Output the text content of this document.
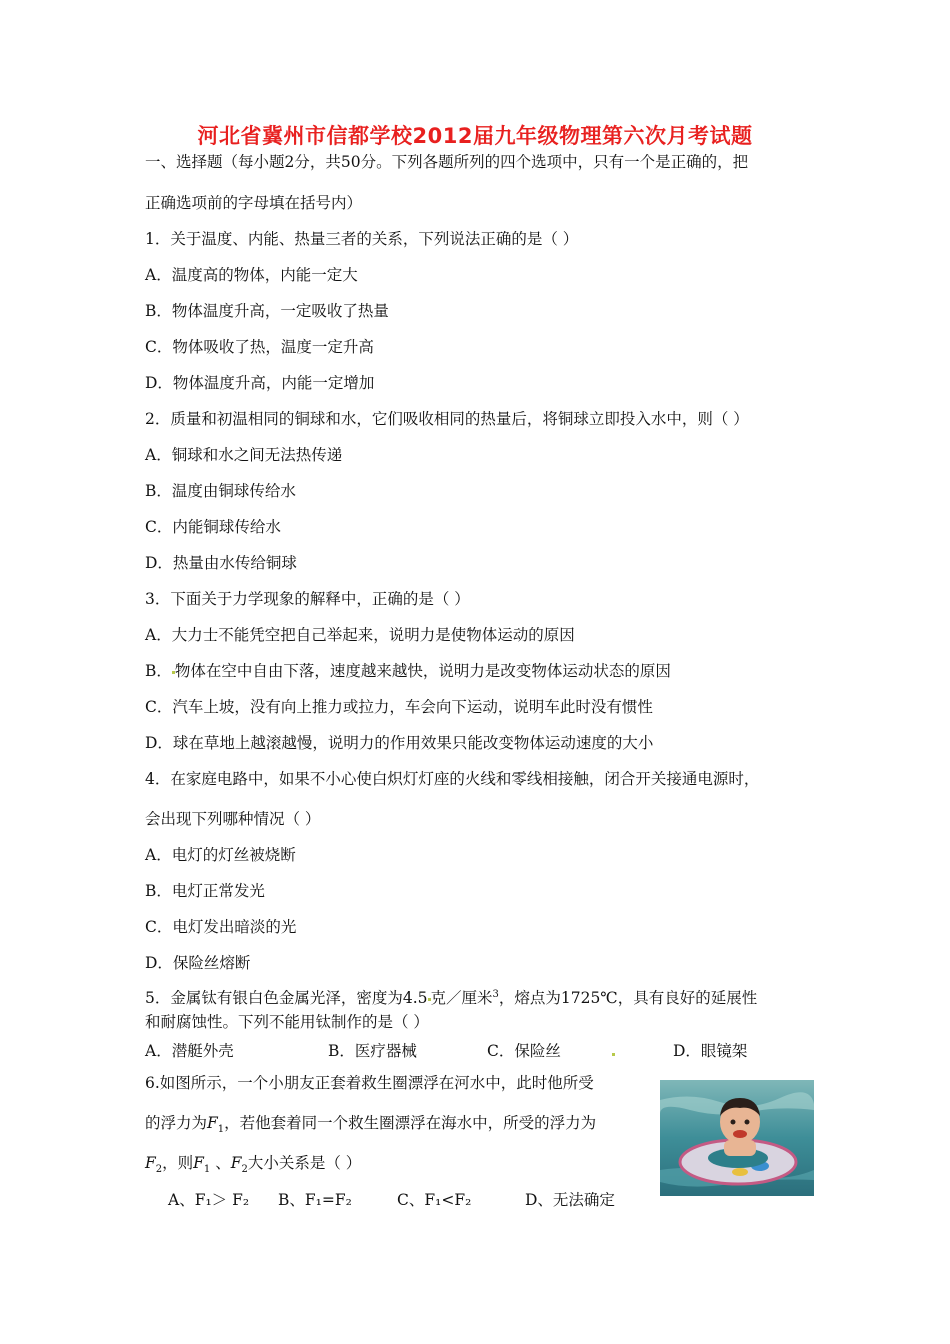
河北省冀州市信都学校2012届九年级物理第六次月考试题
一、选择题（每小题2分，共50分。下列各题所列的四个选项中，只有一个是正确的，把
正确选项前的字母填在括号内）
1．关于温度、内能、热量三者的关系，下列说法正确的是（ ）
A．温度高的物体，内能一定大
B．物体温度升高，一定吸收了热量
C．物体吸收了热，温度一定升高
D．物体温度升高，内能一定增加
2．质量和初温相同的铜球和水，它们吸收相同的热量后，将铜球立即投入水中，则（ ）
A．铜球和水之间无法热传递
B．温度由铜球传给水
C．内能铜球传给水
D．热量由水传给铜球
3．下面关于力学现象的解释中，正确的是（ ）
A．大力士不能凭空把自己举起来，说明力是使物体运动的原因
B． 物体在空中自由下落，速度越来越快，说明力是改变物体运动状态的原因
C．汽车上坡，没有向上推力或拉力，车会向下运动，说明车此时没有惯性
D．球在草地上越滚越慢，说明力的作用效果只能改变物体运动速度的大小
4．在家庭电路中，如果不小心使白炽灯灯座的火线和零线相接触，闭合开关接通电源时，
会出现下列哪种情况（ ）
A．电灯的灯丝被烧断
B．电灯正常发光
C．电灯发出暗淡的光
D．保险丝熔断
5．金属钛有银白色金属光泽，密度为4.5 克／厘米$^3$，熔点为1725℃，具有良好的延展性
和耐腐蚀性。下列不能用钛制作的是（ ）
A．潜艇外壳	B．医疗器械	C．保险丝	D．眼镜架
6.如图所示，一个小朋友正套着救生圈漂浮在河水中，此时他所受
的浮力为$F_1$，若他套着同一个救生圈漂浮在海水中，所受的浮力为
$F_2$，则$F_1$ 、$F_2$大小关系是（ ）
A、F₁＞ F₂ B、F₁=F₂	C、F₁<F₂	D、无法确定
